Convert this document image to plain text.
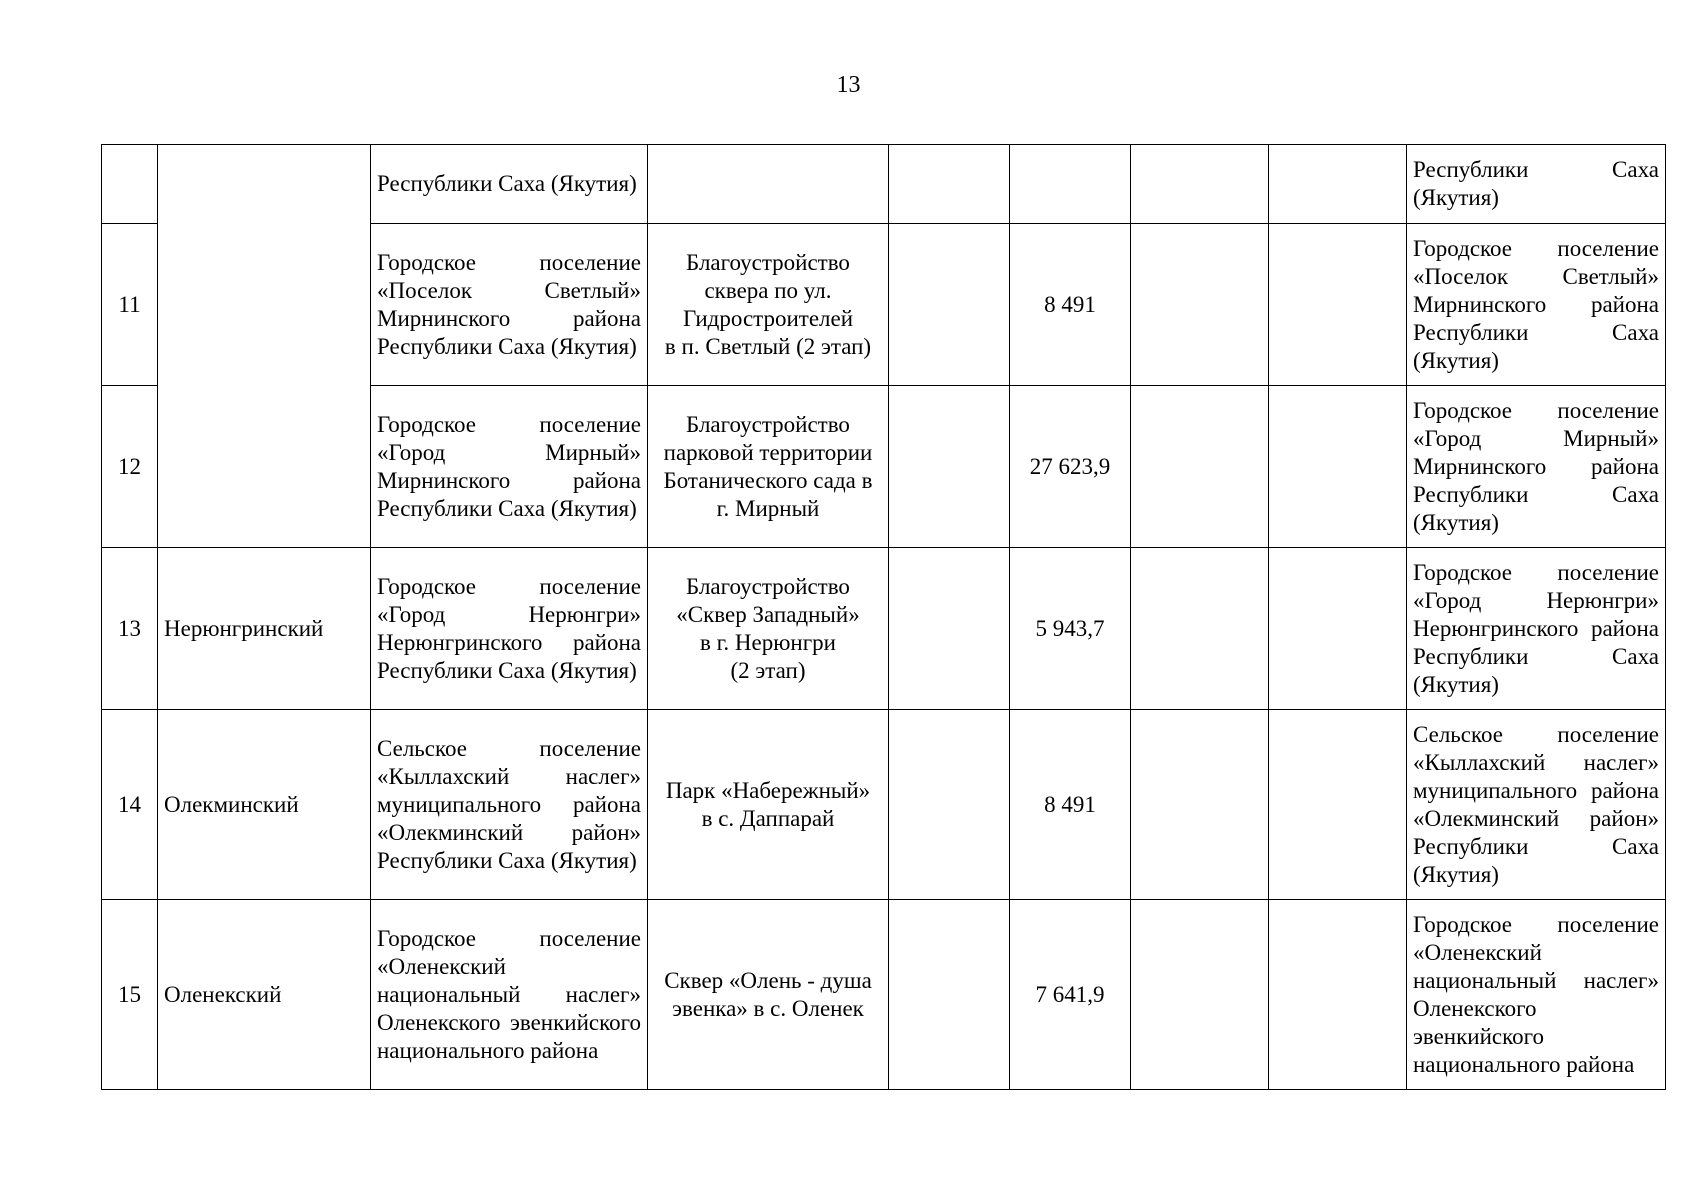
13
		Республики Саха (Якутия)						Республики Саха (Якутия)
11		Городское поселение «Поселок Светлый» Мирнинского района Республики Саха (Якутия)	Благоустройство
сквера по ул.
Гидростроителей
в п. Светлый (2 этап)		8 491			Городское поселение «Поселок Светлый» Мирнинского района Республики Саха (Якутия)
12		Городское поселение «Город Мирный» Мирнинского района Республики Саха (Якутия)	Благоустройство
парковой территории
Ботанического сада в
г. Мирный		27 623,9			Городское поселение «Город Мирный» Мирнинского района Республики Саха (Якутия)
13	Нерюнгринский	Городское поселение «Город Нерюнгри» Нерюнгринского района Республики Саха (Якутия)	Благоустройство
«Сквер Западный»
в г. Нерюнгри
(2 этап)		5 943,7			Городское поселение «Город Нерюнгри» Нерюнгринского района Республики Саха (Якутия)
14	Олекминский	Сельское поселение «Кыллахский наслег» муниципального района «Олекминский район» Республики Саха (Якутия)	Парк «Набережный»
в с. Даппарай		8 491			Сельское поселение «Кыллахский наслег» муниципального района «Олекминский район» Республики Саха (Якутия)
15	Оленекский	Городское поселение «Оленекский национальный наслег» Оленекского эвенкийского национального района	Сквер «Олень - душа
эвенка» в с. Оленек		7 641,9			Городское поселение «Оленекский национальный наслег» Оленекского эвенкийского национального района
